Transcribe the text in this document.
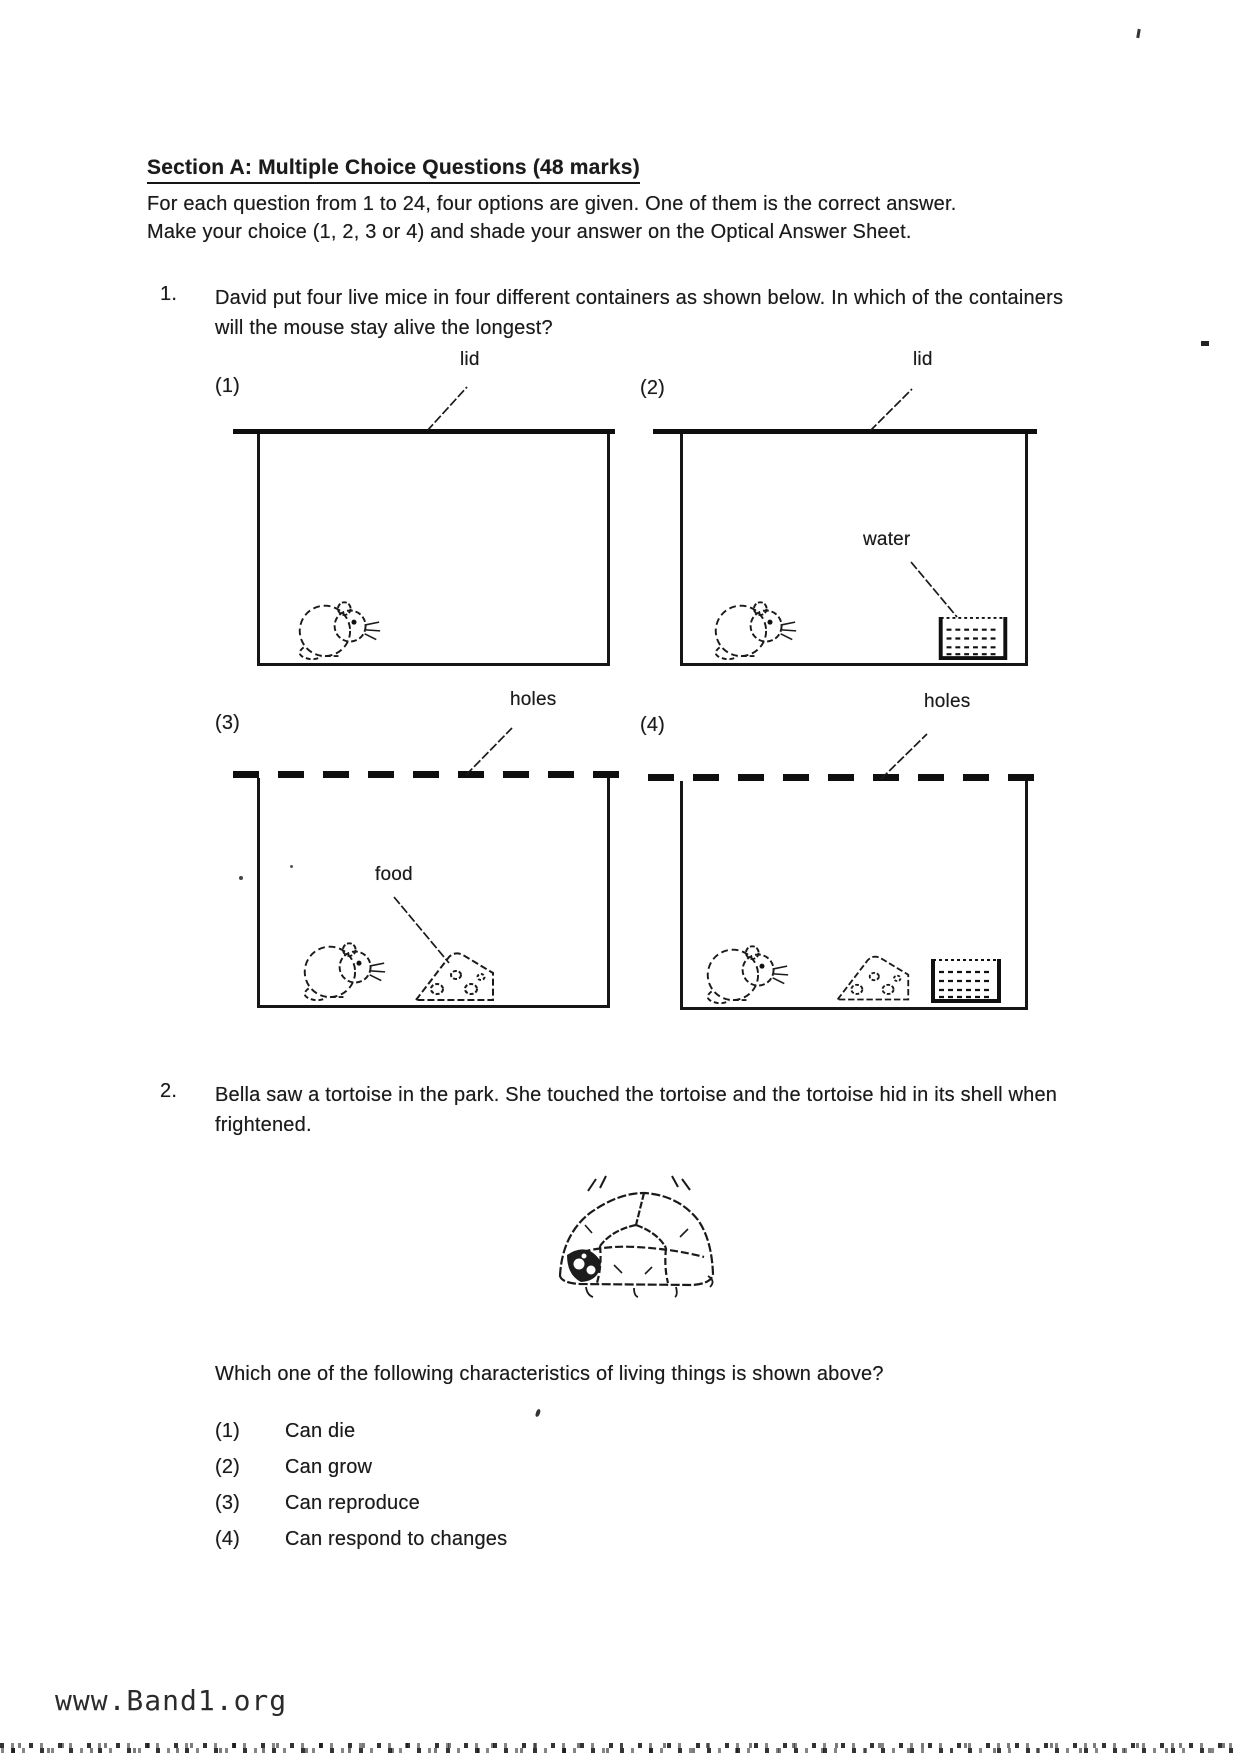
Section A: Multiple Choice Questions (48 marks)
For each question from 1 to 24, four options are given. One of them is the correct answer.
Make your choice (1, 2, 3 or 4) and shade your answer on the Optical Answer Sheet.
1. David put four live mice in four different containers as shown below. In which of the containers will the mouse stay alive the longest?
(1)
lid
(2)
lid
water
(3)
holes
food
(4)
holes
2. Bella saw a tortoise in the park. She touched the tortoise and the tortoise hid in its shell when frightened.
Which one of the following characteristics of living things is shown above?
(1) Can die
(2) Can grow
(3) Can reproduce
(4) Can respond to changes
www.Band1.org
